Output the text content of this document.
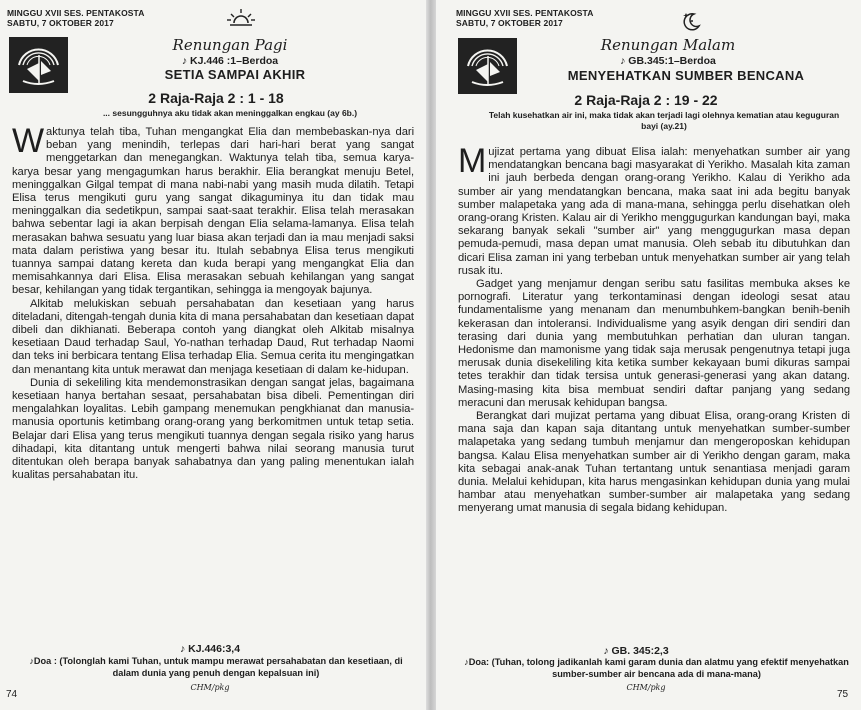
MINGGU XVII SES. PENTAKOSTA
SABTU, 7 OKTOBER 2017
Renungan Pagi
♪ KJ.446 :1–Berdoa
SETIA SAMPAI AKHIR
2 Raja-Raja 2 : 1 - 18
... sesungguhnya aku tidak akan meninggalkan engkau (ay 6b.)

Waktunya telah tiba, Tuhan mengangkat Elia dan membebaskan-nya dari beban yang menindih, terlepas dari hari-hari berat yang sangat menggetarkan dan menegangkan. Waktunya telah tiba, semua karya-karya besar yang mengagumkan harus berakhir. Elia berangkat menuju Betel, meninggalkan Gilgal tempat di mana nabi-nabi yang masih muda dilatih. Tetapi Elisa terus mengikuti guru yang sangat dikaguminya itu dan tidak mau meninggalkan dia sedetikpun, sampai saat-saat terakhir. Elisa telah merasakan bahwa sebentar lagi ia akan berpisah dengan Elia selama-lamanya. Elisa telah merasakan bahwa sesuatu yang luar biasa akan terjadi dan ia mau menjadi saksi mata dalam peristiwa yang besar itu. Itulah sebabnya Elisa terus mengikuti tuannya sampai datang kereta dan kuda berapi yang mengangkat Elia dan memisahkannya dari Elisa. Elisa merasakan sebuah kehilangan yang sangat besar, kehilangan yang tidak tergantikan, sehingga ia mengoyak bajunya.

Alkitab melukiskan sebuah persahabatan dan kesetiaan yang harus diteladani, ditengah-tengah dunia kita di mana persahabatan dan kesetiaan dapat dibeli dan dikhianati. Beberapa contoh yang diangkat oleh Alkitab misalnya kesetiaan Daud terhadap Saul, Yo-nathan terhadap Daud, Rut terhadap Naomi dan teks ini berbicara tentang Elisa terhadap Elia. Semua cerita itu mengingatkan dan menantang kita untuk merawat dan menjaga kesetiaan di dalam ke-hidupan.

Dunia di sekeliling kita mendemonstrasikan dengan sangat jelas, bagaimana kesetiaan hanya bertahan sesaat, persahabatan bisa dibeli. Pementingan diri mengalahkan loyalitas. Lebih gampang menemukan pengkhianat dan manusia-manusia oportunis ketimbang orang-orang yang berkomitmen untuk tetap setia. Belajar dari Elisa yang terus mengikuti tuannya dengan segala risiko yang harus dihadapi, kita ditantang untuk mengerti bahwa nilai seorang manusia turut ditentukan oleh berapa banyak sahabatnya dan yang paling menentukan ialah kualitas persahabatan itu.

♪ KJ.446:3,4
♪Doa : (Tolonglah kami Tuhan, untuk mampu merawat persahabatan dan kesetiaan, di dalam dunia yang penuh dengan kepalsuan ini)
CHM/pkg
74
MINGGU XVII SES. PENTAKOSTA
SABTU, 7 OKTOBER 2017
Renungan Malam
♪ GB.345:1–Berdoa
MENYEHATKAN SUMBER BENCANA
2 Raja-Raja 2 : 19 - 22
Telah kusehatkan air ini, maka tidak akan terjadi lagi olehnya kematian atau keguguran bayi (ay.21)

Mujizat pertama yang dibuat Elisa ialah: menyehatkan sumber air yang mendatangkan bencana bagi masyarakat di Yerikho. Masalah kita zaman ini jauh berbeda dengan orang-orang Yerikho. Kalau di Yerikho ada sumber air yang mendatangkan bencana, maka saat ini ada begitu banyak sumber malapetaka yang ada di mana-mana, sehingga perlu disehatkan oleh orang-orang Kristen. Kalau air di Yerikho menggugurkan kandungan bayi, maka sekarang banyak sekali "sumber air" yang menggugurkan masa depan pemuda-pemudi, masa depan umat manusia. Oleh sebab itu dibutuhkan dan dicari Elisa zaman ini yang terbeban untuk menyehatkan sumber air yang telah rusak itu.

Gadget yang menjamur dengan seribu satu fasilitas membuka akses ke pornografi. Literatur yang terkontaminasi dengan ideologi sesat atau fundamentalisme yang menanam dan menumbuhkem-bangkan benih-benih kekerasan dan intoleransi. Individualisme yang asyik dengan diri sendiri dan terasing dari dunia yang membutuhkan perhatian dan uluran tangan. Hedonisme dan mamonisme yang tidak saja merusak pengenutnya tetapi juga merusak dunia disekeliling kita ketika sumber kekayaan bumi dikuras sampai tetes terakhir dan tidak tersisa untuk generasi-generasi yang akan datang. Masing-masing kita bisa membuat sendiri daftar panjang yang sedang meracuni dan merusak kehidupan bangsa.

Berangkat dari mujizat pertama yang dibuat Elisa, orang-orang Kristen di mana saja dan kapan saja ditantang untuk menyehatkan sumber-sumber malapetaka yang sedang tumbuh menjamur dan mengeroposkan kehidupan bangsa. Kalau Elisa menyehatkan sumber air di Yerikho dengan garam, maka kita sebagai anak-anak Tuhan tertantang untuk senantiasa menjadi garam dunia. Melalui kehidupan, kita harus mengasinkan kehidupan dunia yang mulai hambar atau menyehatkan sumber-sumber air malapetaka yang sedang menyerang umat manusia di segala bidang kehidupan.

♪ GB. 345:2,3
♪Doa: (Tuhan, tolong jadikanlah kami garam dunia dan alatmu yang efektif menyehatkan sumber-sumber air bencana ada di mana-mana)
CHM/pkg
75
